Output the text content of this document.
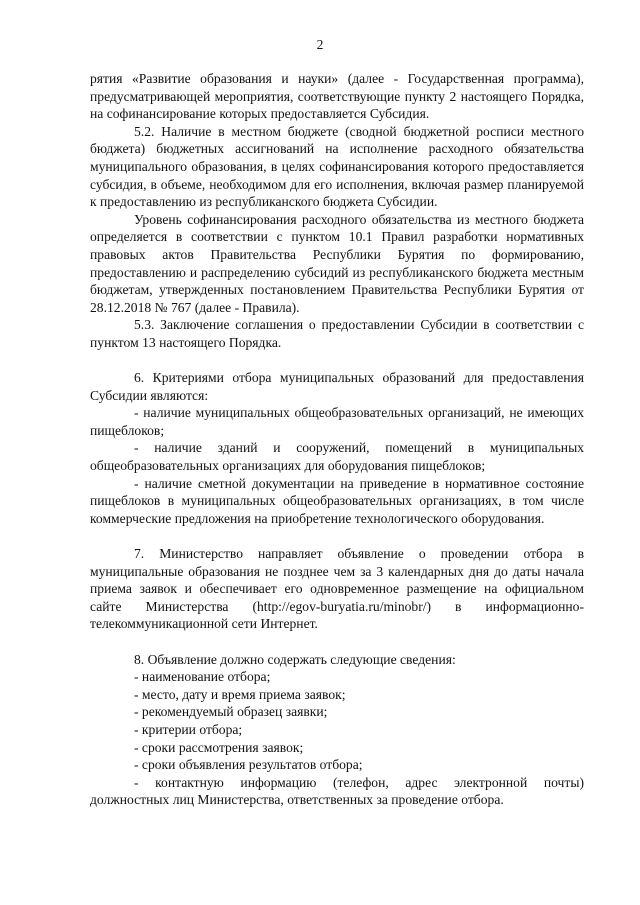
2

рятия «Развитие образования и науки» (далее - Государственная программа), предусматривающей мероприятия, соответствующие пункту 2 настоящего Порядка, на софинансирование которых предоставляется Субсидия.

5.2. Наличие в местном бюджете (сводной бюджетной росписи местного бюджета) бюджетных ассигнований на исполнение расходного обязательства муниципального образования, в целях софинансирования которого предоставляется субсидия, в объеме, необходимом для его исполнения, включая размер планируемой к предоставлению из республиканского бюджета Субсидии.

Уровень софинансирования расходного обязательства из местного бюджета определяется в соответствии с пунктом 10.1 Правил разработки нормативных правовых актов Правительства Республики Бурятия по формированию, предоставлению и распределению субсидий из республиканского бюджета местным бюджетам, утвержденных постановлением Правительства Республики Бурятия от 28.12.2018 № 767 (далее - Правила).

5.3. Заключение соглашения о предоставлении Субсидии в соответствии с пунктом 13 настоящего Порядка.

6. Критериями отбора муниципальных образований для предоставления Субсидии являются:

- наличие муниципальных общеобразовательных организаций, не имеющих пищеблоков;

- наличие зданий и сооружений, помещений в муниципальных общеобразовательных организациях для оборудования пищеблоков;

- наличие сметной документации на приведение в нормативное состояние пищеблоков в муниципальных общеобразовательных организациях, в том числе коммерческие предложения на приобретение технологического оборудования.

7. Министерство направляет объявление о проведении отбора в муниципальные образования не позднее чем за 3 календарных дня до даты начала приема заявок и обеспечивает его одновременное размещение на официальном сайте Министерства (http://egov-buryatia.ru/minobr/) в информационно-телекоммуникационной сети Интернет.

8. Объявление должно содержать следующие сведения:

- наименование отбора;

- место, дату и время приема заявок;

- рекомендуемый образец заявки;

- критерии отбора;

- сроки рассмотрения заявок;

- сроки объявления результатов отбора;

- контактную информацию (телефон, адрес электронной почты) должностных лиц Министерства, ответственных за проведение отбора.
